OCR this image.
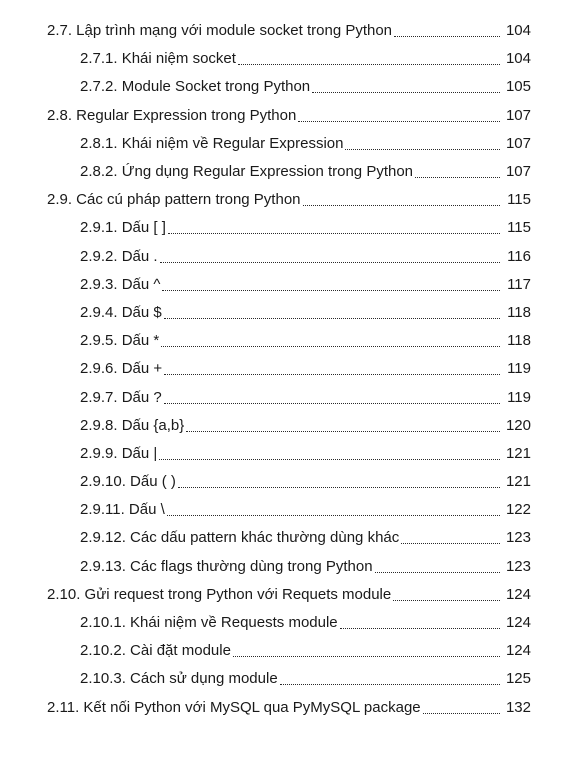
2.7. Lập trình mạng với module socket trong Python	104
2.7.1. Khái niệm socket	104
2.7.2. Module Socket trong Python	105
2.8. Regular Expression trong Python	107
2.8.1. Khái niệm về Regular Expression	107
2.8.2. Ứng dụng Regular Expression trong Python	107
2.9. Các cú pháp pattern trong Python	115
2.9.1. Dấu [ ]	115
2.9.2. Dấu .	116
2.9.3. Dấu ^	117
2.9.4. Dấu $	118
2.9.5. Dấu *	118
2.9.6. Dấu +	119
2.9.7. Dấu ?	119
2.9.8. Dấu {a,b}	120
2.9.9. Dấu |	121
2.9.10. Dấu ( )	121
2.9.11. Dấu \	122
2.9.12. Các dấu pattern khác thường dùng khác	123
2.9.13. Các flags thường dùng trong Python	123
2.10. Gửi request trong Python với Requets module	124
2.10.1. Khái niệm về Requests module	124
2.10.2. Cài đặt module	124
2.10.3. Cách sử dụng module	125
2.11. Kết nối Python với MySQL qua PyMySQL package	132
